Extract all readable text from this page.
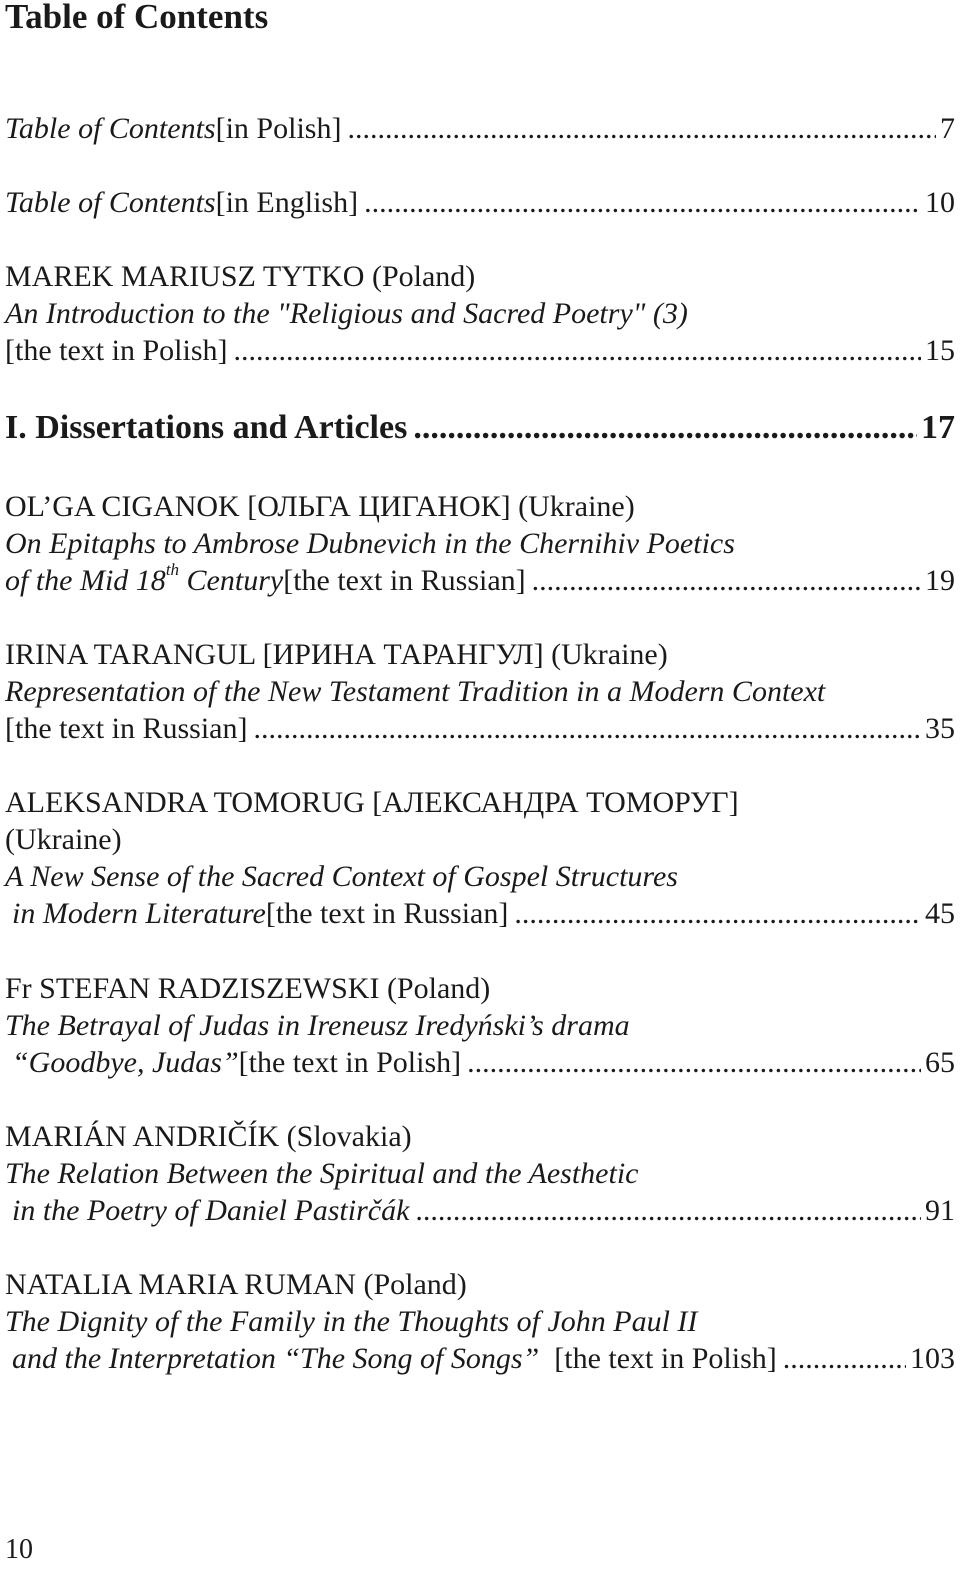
Table of Contents
Table of Contents [in Polish] .....	7
Table of Contents [in English] .....	10
MAREK MARIUSZ TYTKO (Poland)
An Introduction to the "Religious and Sacred Poetry" (3)
[the text in Polish] .....	15
I. Dissertations and Articles .....	17
OL’GA CIGANOK [ОЛЬГА ЦИГАНОК] (Ukraine)
On Epitaphs to Ambrose Dubnevich in the Chernihiv Poetics
of the Mid 18th Century [the text in Russian] .....	19
IRINA TARANGUL [ИРИНА ТАРАНГУЛ] (Ukraine)
Representation of the New Testament Tradition in a Modern Context
[the text in Russian] .....	35
ALEKSANDRA TOMORUG [АЛЕКСАНДРА ТОМОРУГ]
(Ukraine)
A New Sense of the Sacred Context of Gospel Structures
in Modern Literature [the text in Russian] .....	45
Fr STEFAN RADZISZEWSKI (Poland)
The Betrayal of Judas in Ireneusz Iredyński’s drama
“Goodbye, Judas” [the text in Polish] .....	65
MARIÁN ANDRIČÍK (Slovakia)
The Relation Between the Spiritual and the Aesthetic
in the Poetry of Daniel Pastirčák .....	91
NATALIA MARIA RUMAN (Poland)
The Dignity of the Family in the Thoughts of John Paul II
and the Interpretation “The Song of Songs” [the text in Polish] .....	103
10
